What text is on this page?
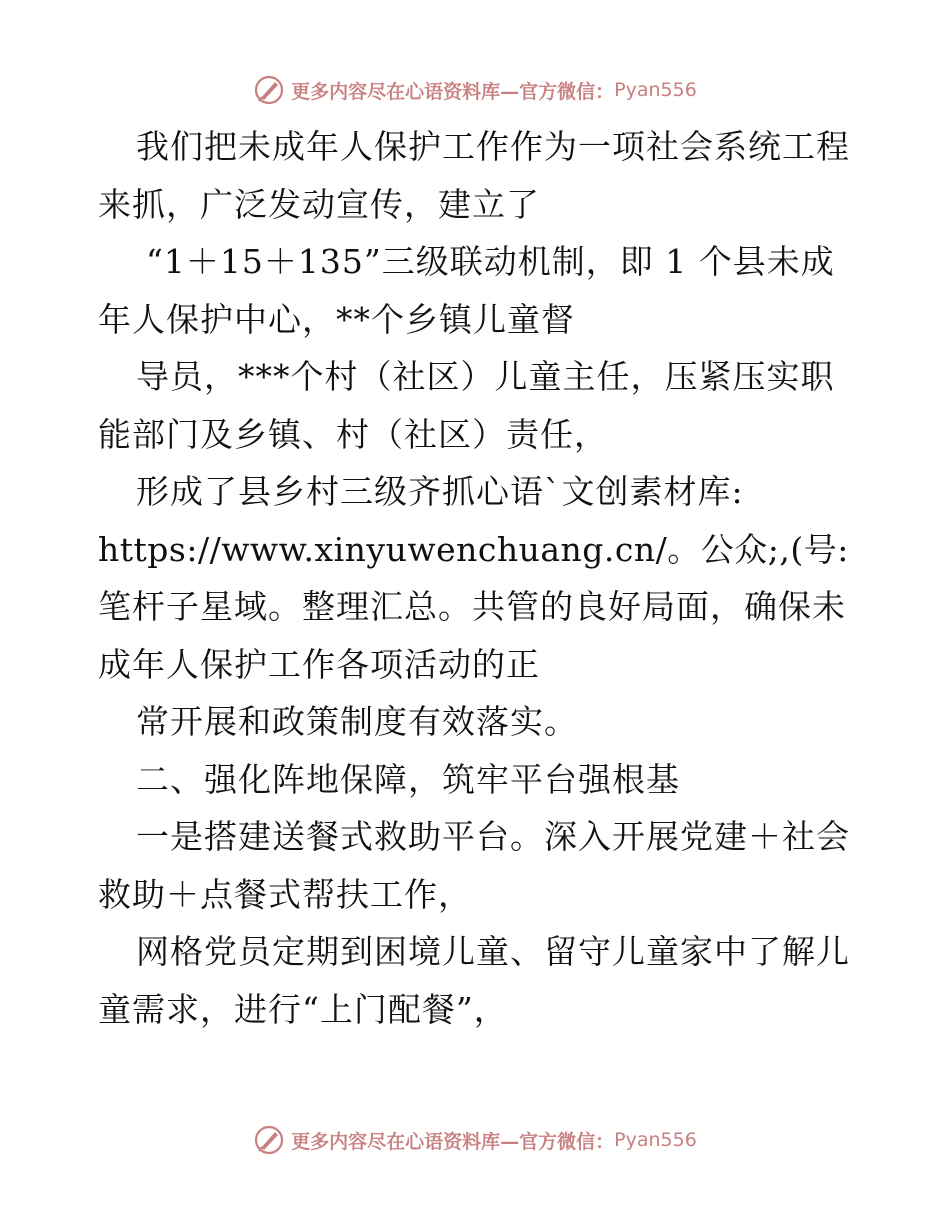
更多内容尽在心语资料库—官方微信： Pyan556
我们把未成年人保护工作作为一项社会系统工程
来抓，广泛发动宣传，建立了
“1＋15＋135”三级联动机制，即 1 个县未成
年人保护中心，**个乡镇儿童督
导员，***个村（社区）儿童主任，压紧压实职
能部门及乡镇、村（社区）责任，
形成了县乡村三级齐抓心语`文创素材库:
https://www.xinyuwenchuang.cn/。公众;,(号:
笔杆子星域。整理汇总。共管的良好局面，确保未
成年人保护工作各项活动的正
常开展和政策制度有效落实。
二、强化阵地保障，筑牢平台强根基
一是搭建送餐式救助平台。深入开展党建＋社会
救助＋点餐式帮扶工作，
网格党员定期到困境儿童、留守儿童家中了解儿
童需求，进行“上门配餐”，
更多内容尽在心语资料库—官方微信： Pyan556
